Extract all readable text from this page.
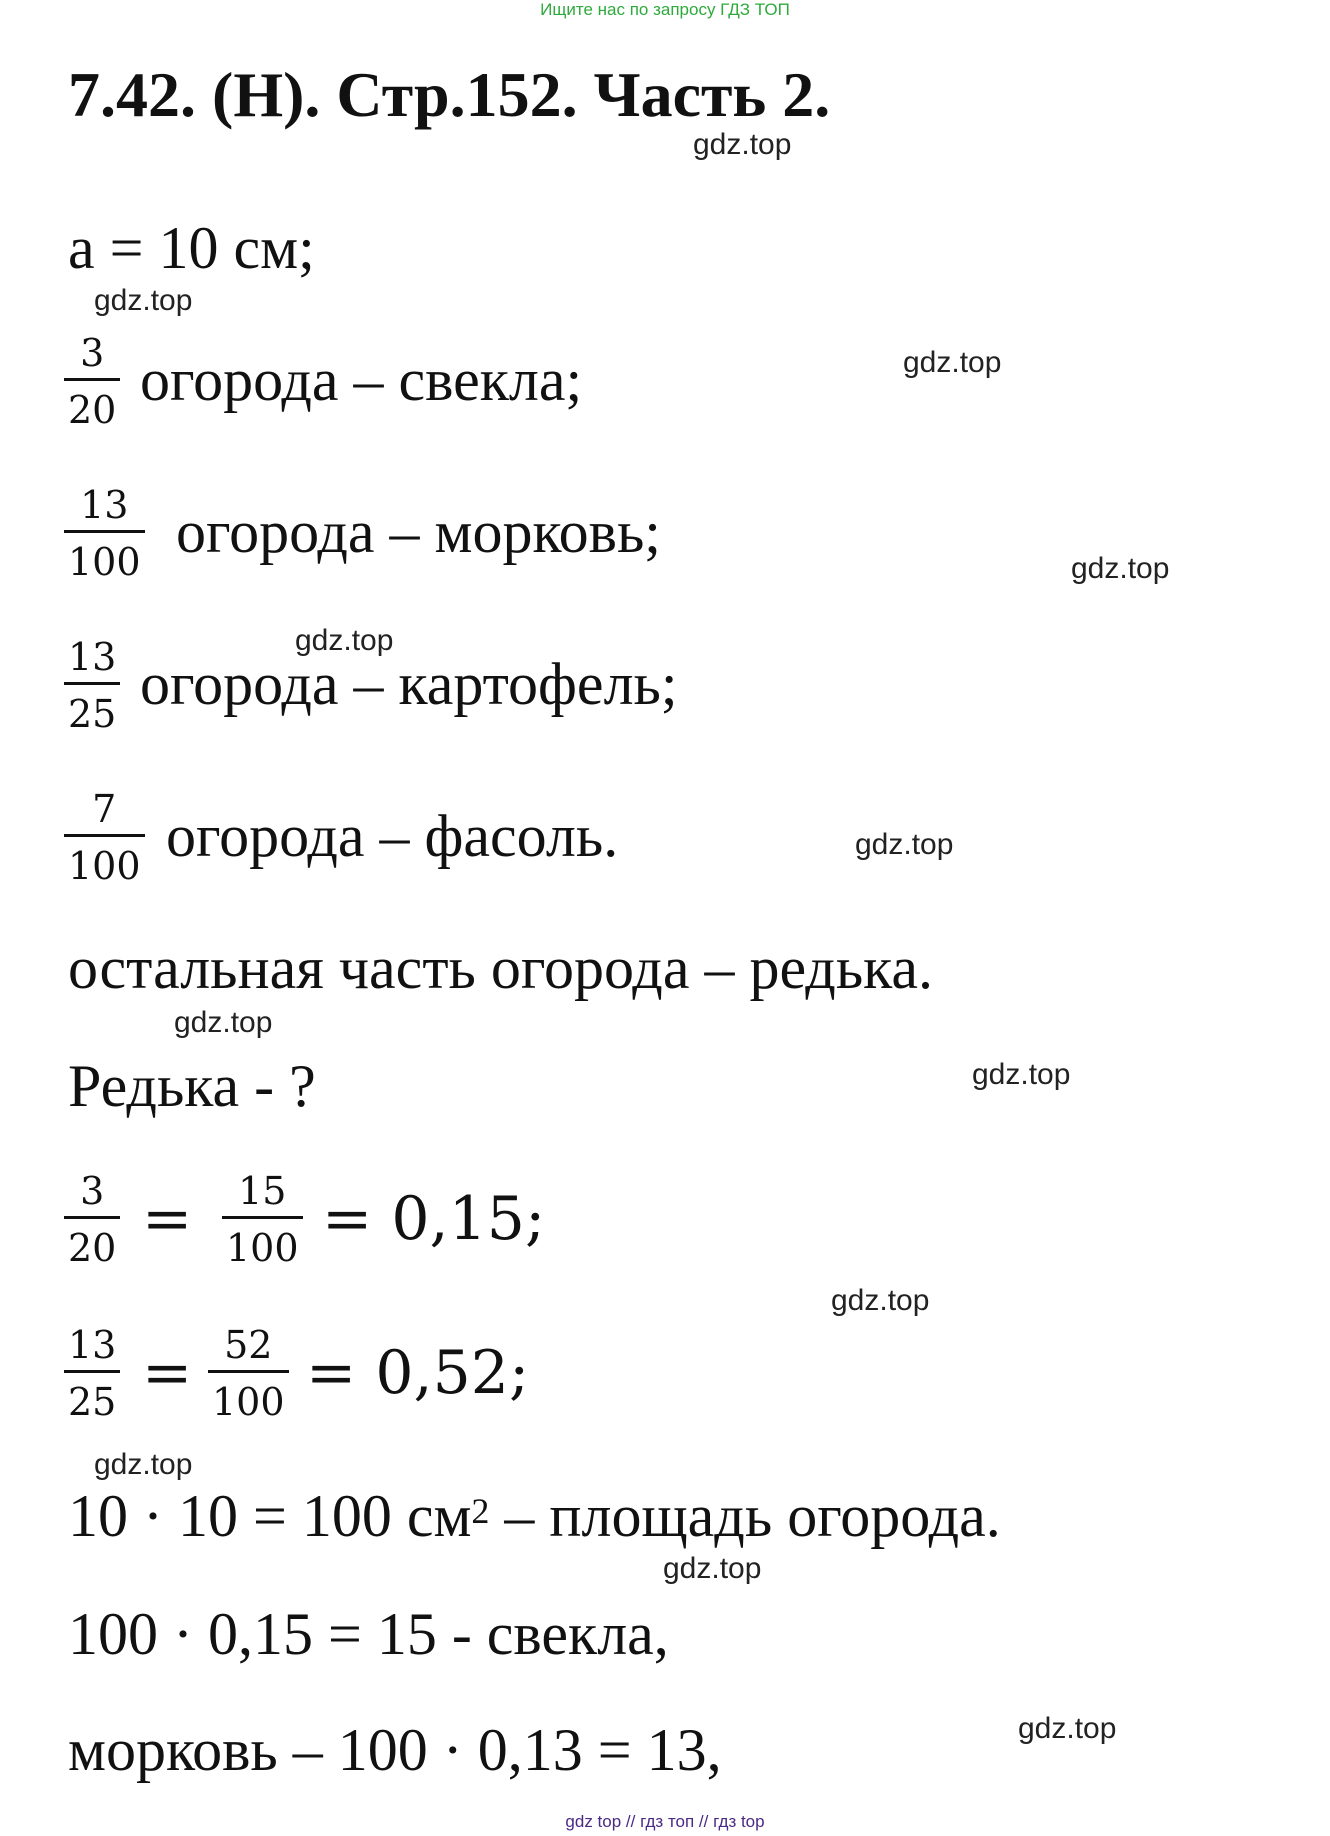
Ищите нас по запросу ГДЗ ТОП
7.42. (Н). Стр.152. Часть 2.
gdz.top
gdz.top
gdz.top
gdz.top
gdz.top
gdz.top
gdz.top
gdz.top
gdz.top
gdz.top
gdz.top
gdz.top
a = 10 см;
3
20 огорода – свекла;
13
100 огорода – морковь;
13
25 огорода – картофель;
7
100 огорода – фасоль.
остальная часть огорода – редька.
Редька - ?
3
20 = 15
100 = 0,15;
13
25 = 52
100 = 0,52;
10 · 10 = 100 $см^2$ – площадь огорода.
100 · 0,15 = 15 - свекла,
морковь – 100 · 0,13 = 13,
gdz top // гдз топ // гдз top
